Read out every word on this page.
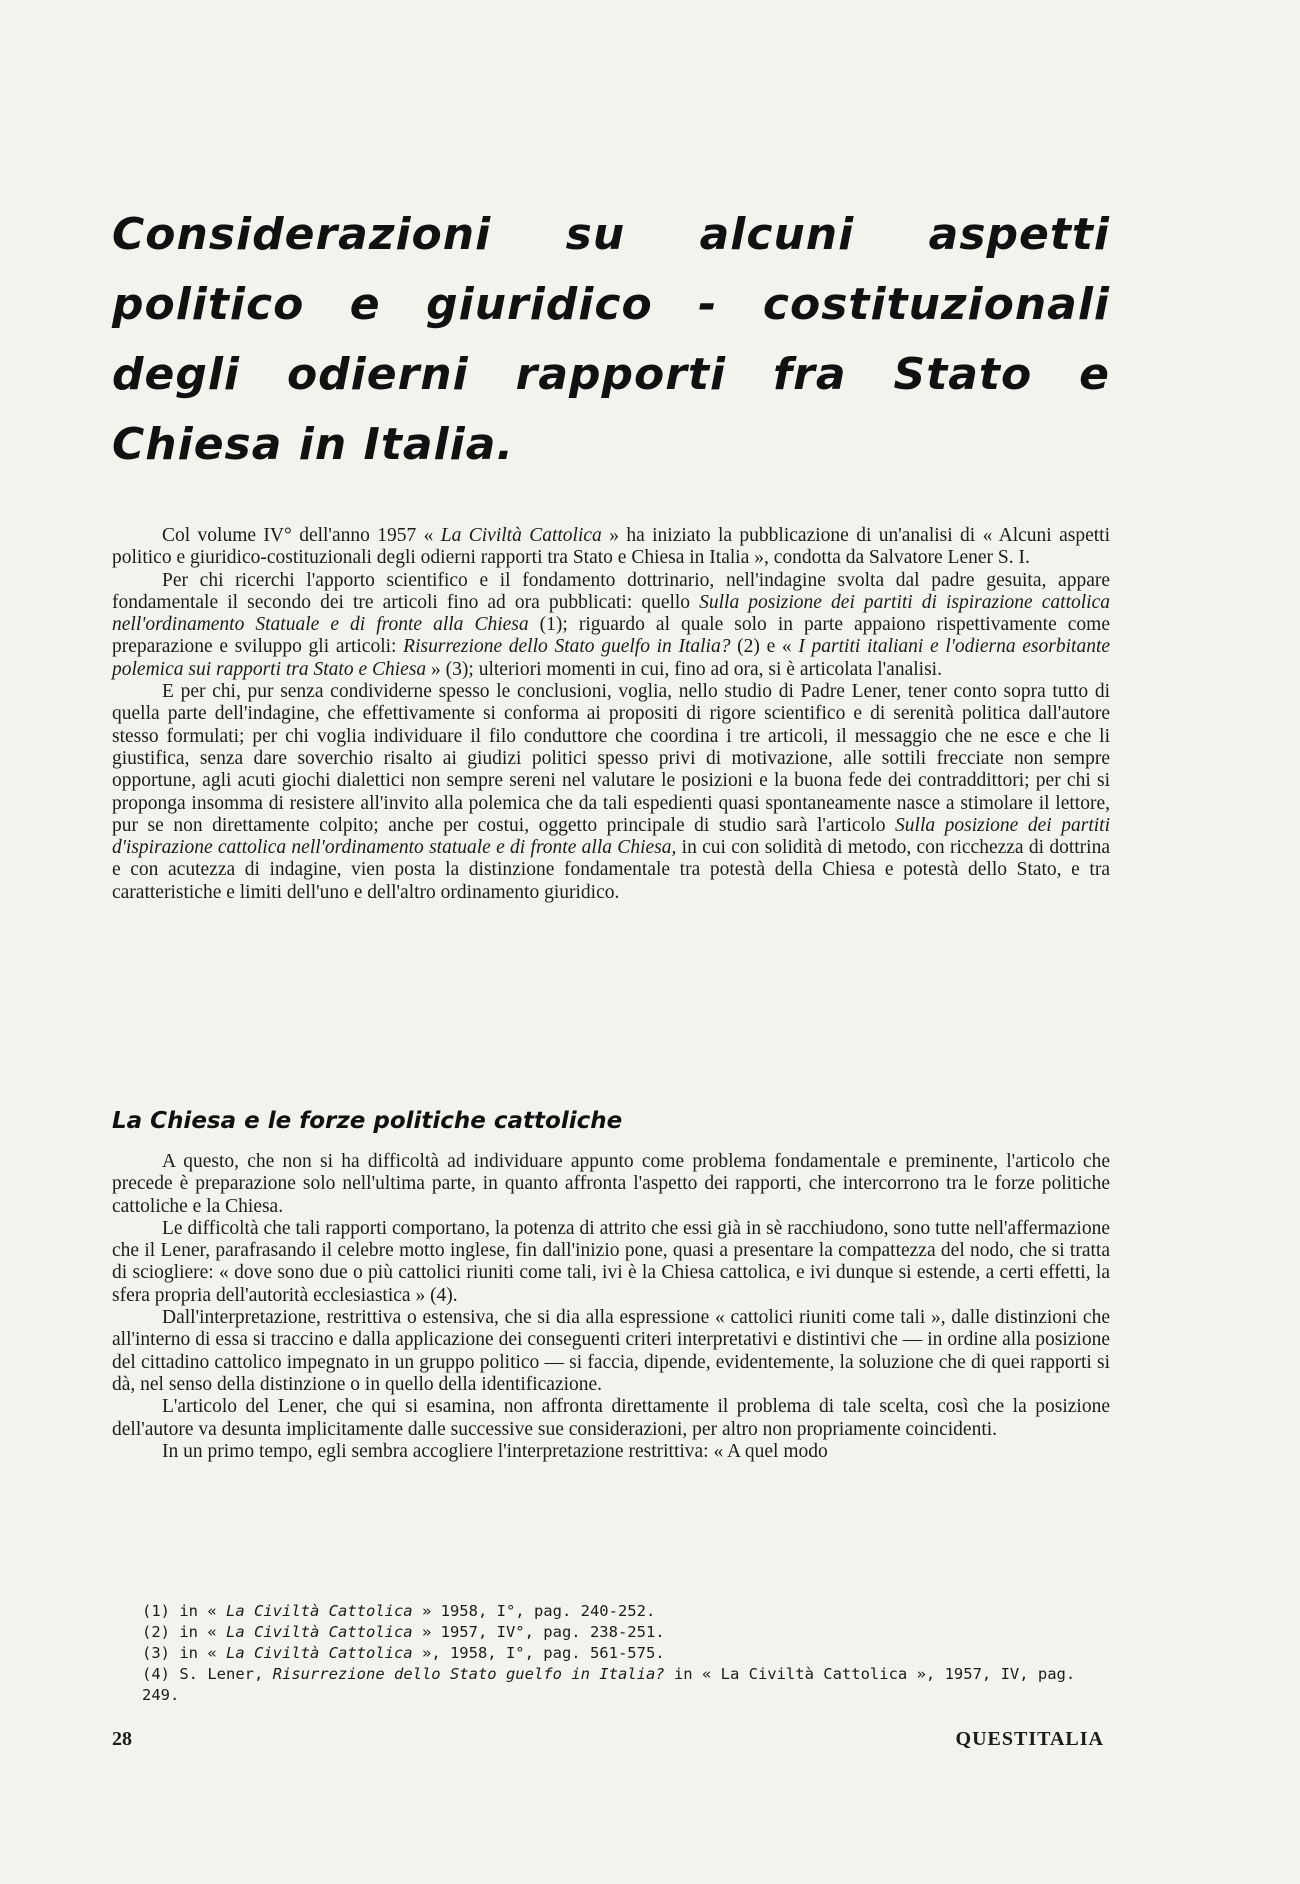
Considerazioni su alcuni aspetti
politico e giuridico - costituzionali
degli odierni rapporti fra Stato e
Chiesa in Italia.

Col volume IV° dell'anno 1957 « La Civiltà Cattolica » ha iniziato la pubblicazione di un'analisi di « Alcuni aspetti politico e giuridico-costituzionali degli odierni rapporti tra Stato e Chiesa in Italia », condotta da Salvatore Lener S. I.

Per chi ricerchi l'apporto scientifico e il fondamento dottrinario, nell'indagine svolta dal padre gesuita, appare fondamentale il secondo dei tre articoli fino ad ora pubblicati: quello Sulla posizione dei partiti di ispirazione cattolica nell'ordinamento Statuale e di fronte alla Chiesa (1); riguardo al quale solo in parte appaiono rispettivamente come preparazione e sviluppo gli articoli: Risurrezione dello Stato guelfo in Italia? (2) e « I partiti italiani e l'odierna esorbitante polemica sui rapporti tra Stato e Chiesa » (3); ulteriori momenti in cui, fino ad ora, si è articolata l'analisi.

E per chi, pur senza condividerne spesso le conclusioni, voglia, nello studio di Padre Lener, tener conto sopra tutto di quella parte dell'indagine, che effettivamente si conforma ai propositi di rigore scientifico e di serenità politica dall'autore stesso formulati; per chi voglia individuare il filo conduttore che coordina i tre articoli, il messaggio che ne esce e che li giustifica, senza dare soverchio risalto ai giudizi politici spesso privi di motivazione, alle sottili frecciate non sempre opportune, agli acuti giochi dialettici non sempre sereni nel valutare le posizioni e la buona fede dei contraddittori; per chi si proponga insomma di resistere all'invito alla polemica che da tali espedienti quasi spontaneamente nasce a stimolare il lettore, pur se non direttamente colpito; anche per costui, oggetto principale di studio sarà l'articolo Sulla posizione dei partiti d'ispirazione cattolica nell'ordinamento statuale e di fronte alla Chiesa, in cui con solidità di metodo, con ricchezza di dottrina e con acutezza di indagine, vien posta la distinzione fondamentale tra potestà della Chiesa e potestà dello Stato, e tra caratteristiche e limiti dell'uno e dell'altro ordinamento giuridico.

La Chiesa e le forze politiche cattoliche

A questo, che non si ha difficoltà ad individuare appunto come problema fondamentale e preminente, l'articolo che precede è preparazione solo nell'ultima parte, in quanto affronta l'aspetto dei rapporti, che intercorrono tra le forze politiche cattoliche e la Chiesa.

Le difficoltà che tali rapporti comportano, la potenza di attrito che essi già in sè racchiudono, sono tutte nell'affermazione che il Lener, parafrasando il celebre motto inglese, fin dall'inizio pone, quasi a presentare la compattezza del nodo, che si tratta di sciogliere: « dove sono due o più cattolici riuniti come tali, ivi è la Chiesa cattolica, e ivi dunque si estende, a certi effetti, la sfera propria dell'autorità ecclesiastica » (4).

Dall'interpretazione, restrittiva o estensiva, che si dia alla espressione « cattolici riuniti come tali », dalle distinzioni che all'interno di essa si traccino e dalla applicazione dei conseguenti criteri interpretativi e distintivi che — in ordine alla posizione del cittadino cattolico impegnato in un gruppo politico — si faccia, dipende, evidentemente, la soluzione che di quei rapporti si dà, nel senso della distinzione o in quello della identificazione.

L'articolo del Lener, che qui si esamina, non affronta direttamente il problema di tale scelta, così che la posizione dell'autore va desunta implicitamente dalle successive sue considerazioni, per altro non propriamente coincidenti.

In un primo tempo, egli sembra accogliere l'interpretazione restrittiva: « A quel modo

(1) in « La Civiltà Cattolica » 1958, I°, pag. 240-252.
(2) in « La Civiltà Cattolica » 1957, IV°, pag. 238-251.
(3) in « La Civiltà Cattolica », 1958, I°, pag. 561-575.
(4) S. Lener, Risurrezione dello Stato guelfo in Italia? in « La Civiltà Cattolica », 1957, IV, pag. 249.
28	QUESTITALIA
